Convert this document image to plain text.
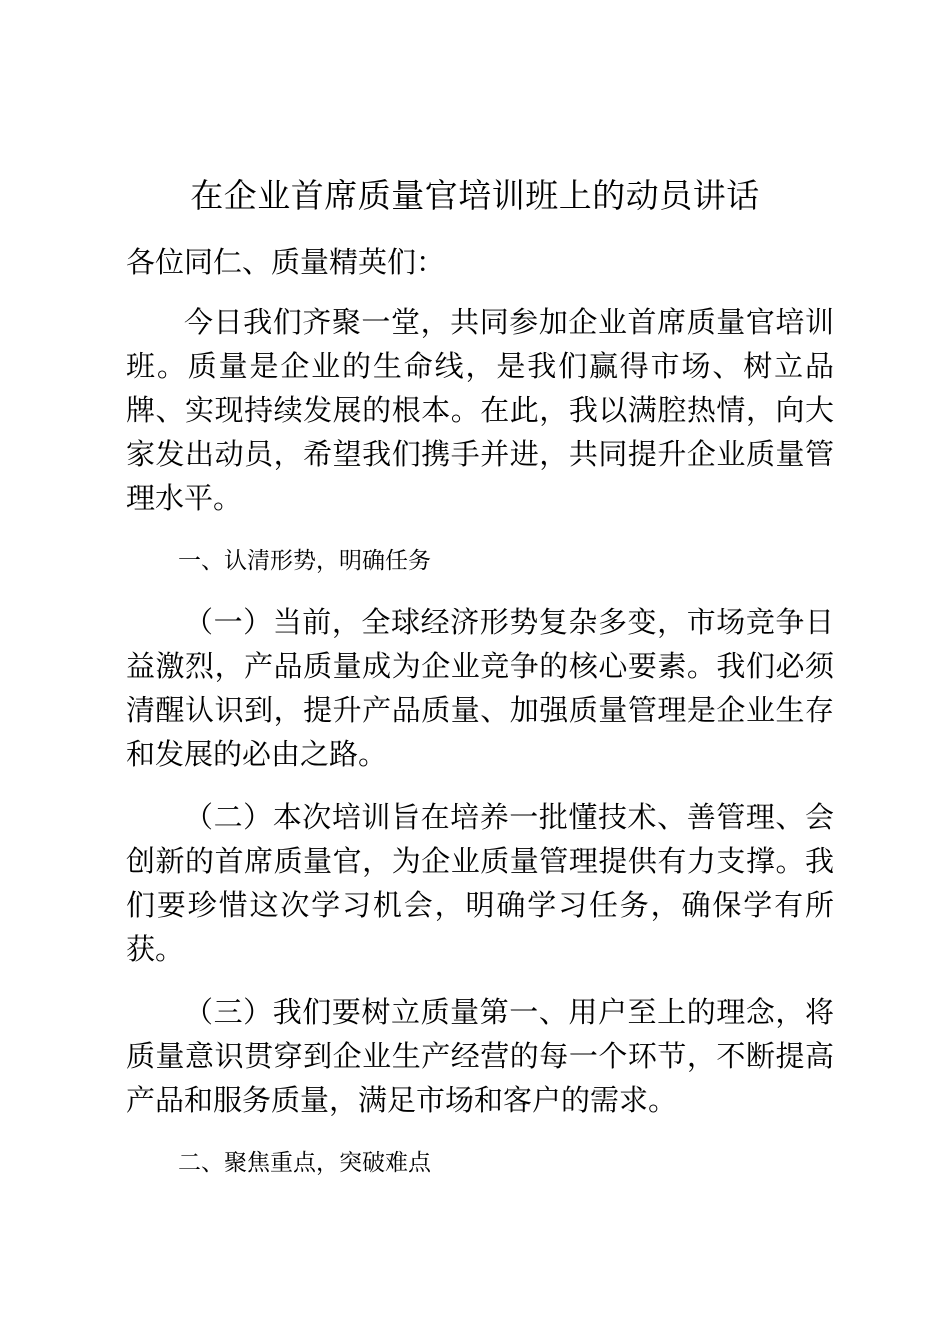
在企业首席质量官培训班上的动员讲话
各位同仁、质量精英们：

今日我们齐聚一堂，共同参加企业首席质量官培训班。质量是企业的生命线，是我们赢得市场、树立品牌、实现持续发展的根本。在此，我以满腔热情，向大家发出动员，希望我们携手并进，共同提升企业质量管理水平。

一、认清形势，明确任务

（一）当前，全球经济形势复杂多变，市场竞争日益激烈，产品质量成为企业竞争的核心要素。我们必须清醒认识到，提升产品质量、加强质量管理是企业生存和发展的必由之路。

（二）本次培训旨在培养一批懂技术、善管理、会创新的首席质量官，为企业质量管理提供有力支撑。我们要珍惜这次学习机会，明确学习任务，确保学有所获。

（三）我们要树立质量第一、用户至上的理念，将质量意识贯穿到企业生产经营的每一个环节，不断提高产品和服务质量，满足市场和客户的需求。

二、聚焦重点，突破难点
